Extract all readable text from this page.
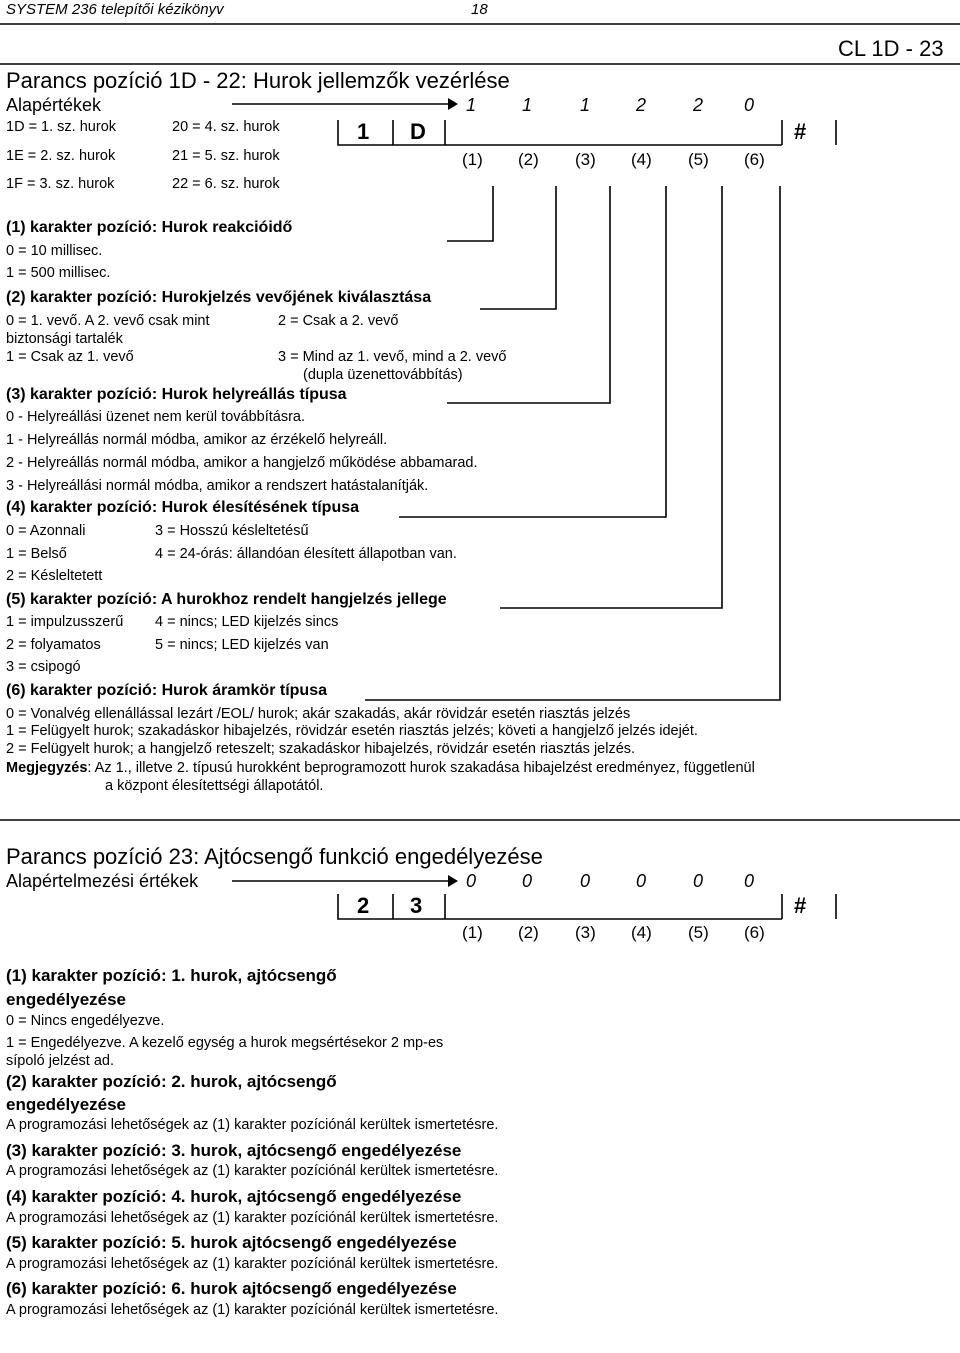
SYSTEM 236 telepítői kézikönyv	18
CL 1D - 23
Parancs pozíció 1D - 22: Hurok jellemzők vezérlése
Alapértékek	1	1	1	2	2 0
1D = 1. sz. hurok
1E = 2. sz. hurok
1F = 3. sz. hurok
20 = 4. sz. hurok
21 = 5. sz. hurok
22 = 6. sz. hurok
1 D	#
(1) (2) (3) (4) (5) (6)
(1) karakter pozíció: Hurok reakcióidő
0 = 10 millisec.
1 = 500 millisec.
(2) karakter pozíció: Hurokjelzés vevőjének kiválasztása
0 = 1. vevő. A 2. vevő csak mint
biztonsági tartalék
1 = Csak az 1. vevő
2 = Csak a 2. vevő
3 = Mind az 1. vevő, mind a 2. vevő
(dupla üzenettovábbítás)
(3) karakter pozíció: Hurok helyreállás típusa
0 - Helyreállási üzenet nem kerül továbbításra.
1 - Helyreállás normál módba, amikor az érzékelő helyreáll.
2 - Helyreállás normál módba, amikor a hangjelző működése abbamarad.
3 - Helyreállási normál módba, amikor a rendszert hatástalanítják.
(4) karakter pozíció: Hurok élesítésének típusa
0 = Azonnali
1 = Belső
2 = Késleltetett
3 = Hosszú késleltetésű
4 = 24-órás: állandóan élesített állapotban van.
(5) karakter pozíció: A hurokhoz rendelt hangjelzés jellege
1 = impulzusszerű
2 = folyamatos
3 = csipogó
4 = nincs; LED kijelzés sincs
5 = nincs; LED kijelzés van
(6) karakter pozíció: Hurok áramkör típusa
0 = Vonalvég ellenállással lezárt /EOL/ hurok; akár szakadás, akár rövidzár esetén riasztás jelzés
1 = Felügyelt hurok; szakadáskor hibajelzés, rövidzár esetén riasztás jelzés; követi a hangjelző jelzés idejét.
2 = Felügyelt hurok; a hangjelző reteszelt; szakadáskor hibajelzés, rövidzár esetén riasztás jelzés.
Megjegyzés: Az 1., illetve 2. típusú hurokként beprogramozott hurok szakadása hibajelzést eredményez, függetlenül
a központ élesítettségi állapotától.
Parancs pozíció 23: Ajtócsengő funkció engedélyezése
Alapértelmezési értékek	0	0	0	0	0 0
2 3	#
(1) (2) (3) (4) (5) (6)
(1) karakter pozíció: 1. hurok, ajtócsengő
engedélyezése
0 = Nincs engedélyezve.
1 = Engedélyezve. A kezelő egység a hurok megsértésekor 2 mp-es
sípoló jelzést ad.
(2) karakter pozíció: 2. hurok, ajtócsengő
engedélyezése
A programozási lehetőségek az (1) karakter pozíciónál kerültek ismertetésre.
(3) karakter pozíció: 3. hurok, ajtócsengő engedélyezése
A programozási lehetőségek az (1) karakter pozíciónál kerültek ismertetésre.
(4) karakter pozíció: 4. hurok, ajtócsengő engedélyezése
A programozási lehetőségek az (1) karakter pozíciónál kerültek ismertetésre.
(5) karakter pozíció: 5. hurok ajtócsengő engedélyezése
A programozási lehetőségek az (1) karakter pozíciónál kerültek ismertetésre.
(6) karakter pozíció: 6. hurok ajtócsengő engedélyezése
A programozási lehetőségek az (1) karakter pozíciónál kerültek ismertetésre.
